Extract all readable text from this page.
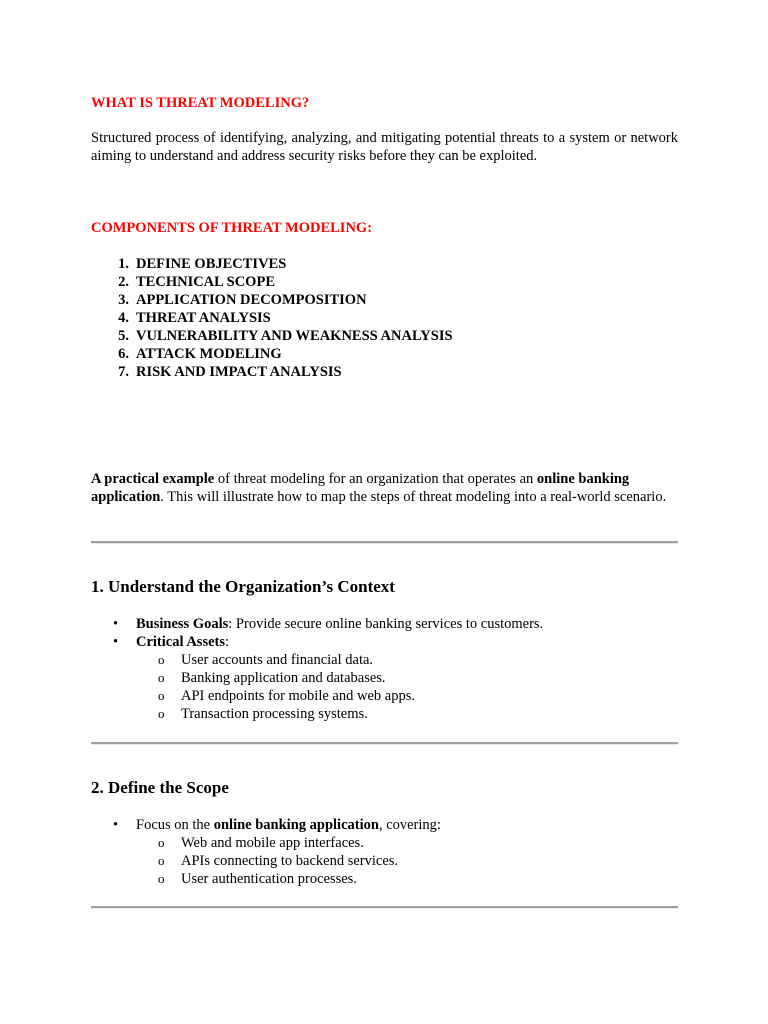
WHAT IS THREAT MODELING?
Structured process of identifying, analyzing, and mitigating potential threats to a system or network aiming to understand and address security risks before they can be exploited.
COMPONENTS OF THREAT MODELING:
1. DEFINE OBJECTIVES
2. TECHNICAL SCOPE
3. APPLICATION DECOMPOSITION
4. THREAT ANALYSIS
5. VULNERABILITY AND WEAKNESS ANALYSIS
6. ATTACK MODELING
7. RISK AND IMPACT ANALYSIS
A practical example of threat modeling for an organization that operates an online banking application. This will illustrate how to map the steps of threat modeling into a real-world scenario.
1. Understand the Organization’s Context
• Business Goals: Provide secure online banking services to customers.
• Critical Assets:
o User accounts and financial data.
o Banking application and databases.
o API endpoints for mobile and web apps.
o Transaction processing systems.
2. Define the Scope
• Focus on the online banking application, covering:
o Web and mobile app interfaces.
o APIs connecting to backend services.
o User authentication processes.
